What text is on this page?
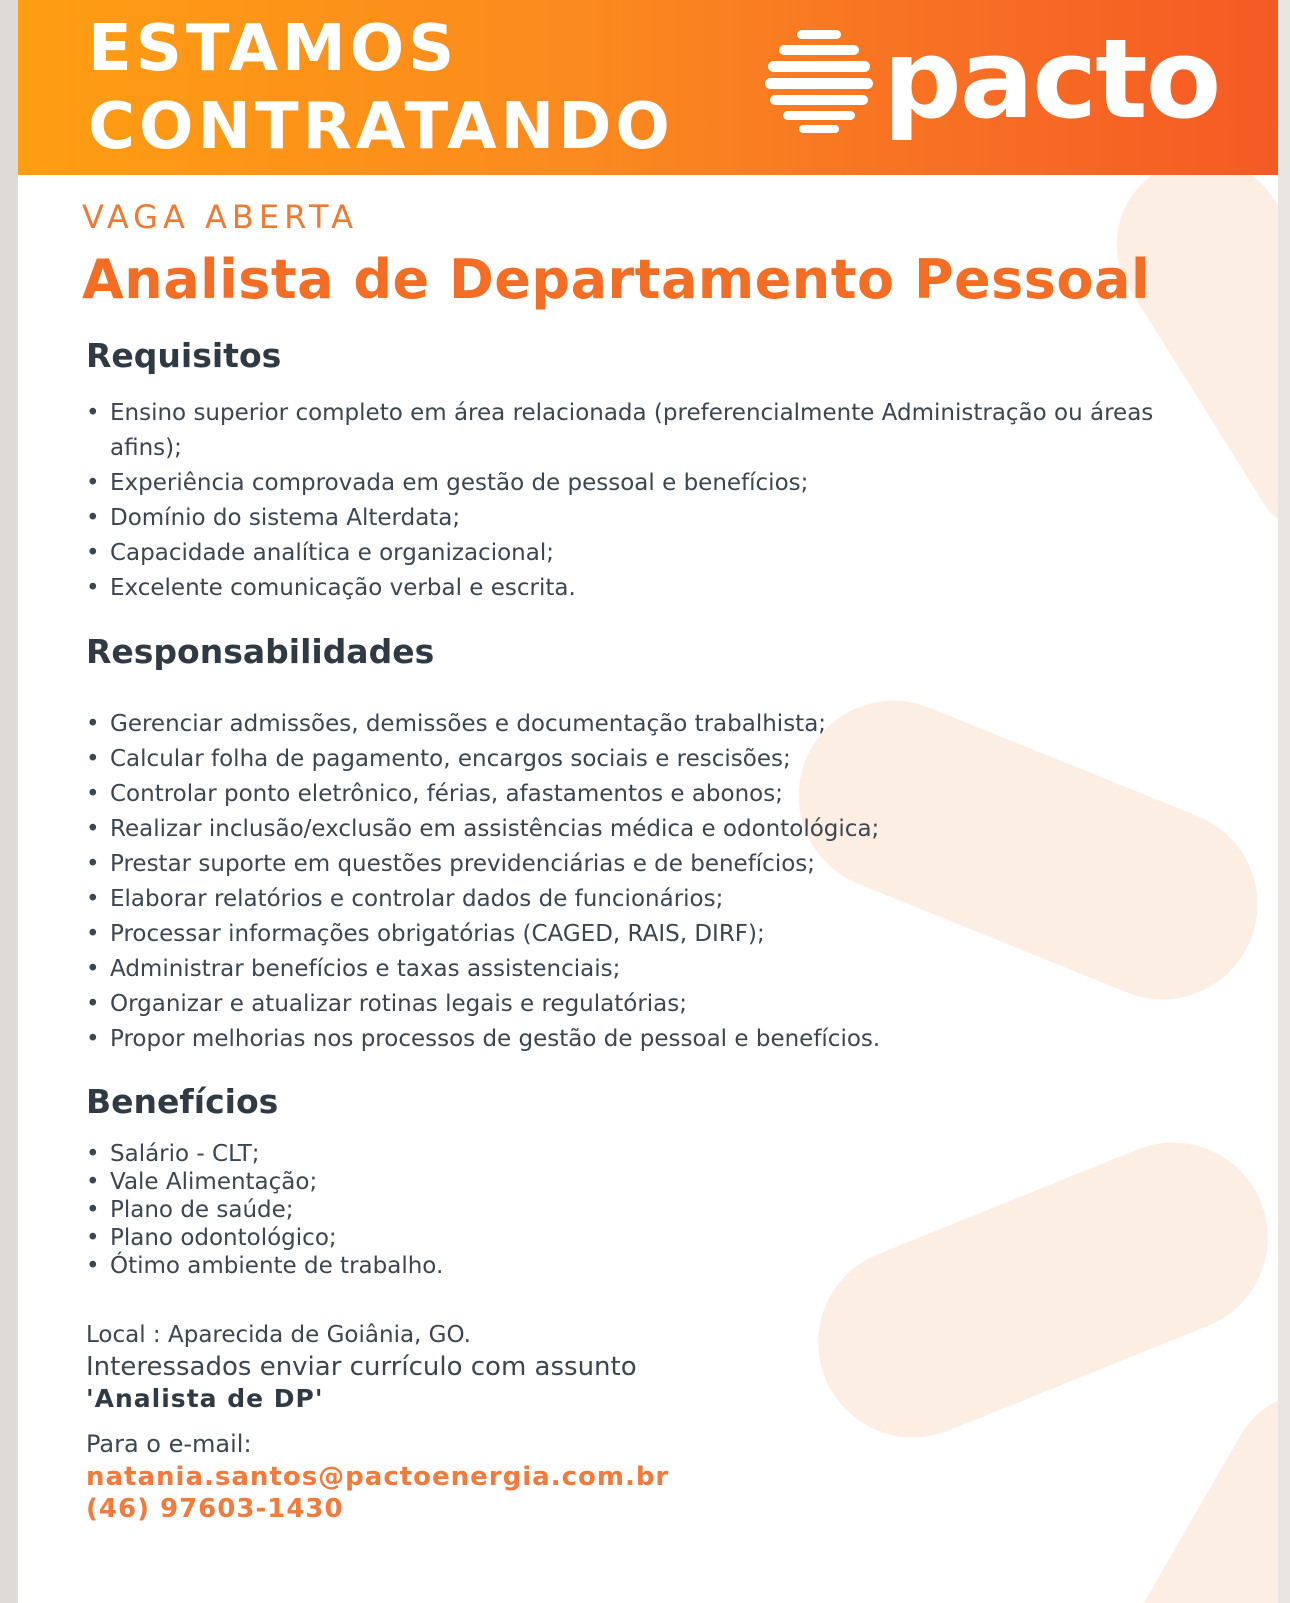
ESTAMOS
CONTRATANDO pacto
VAGA ABERTA
Analista de Departamento Pessoal
Requisitos
• Ensino superior completo em área relacionada (preferencialmente Administração ou áreas afins);
• Experiência comprovada em gestão de pessoal e benefícios;
• Domínio do sistema Alterdata;
• Capacidade analítica e organizacional;
• Excelente comunicação verbal e escrita.
Responsabilidades
• Gerenciar admissões, demissões e documentação trabalhista;
• Calcular folha de pagamento, encargos sociais e rescisões;
• Controlar ponto eletrônico, férias, afastamentos e abonos;
• Realizar inclusão/exclusão em assistências médica e odontológica;
• Prestar suporte em questões previdenciárias e de benefícios;
• Elaborar relatórios e controlar dados de funcionários;
• Processar informações obrigatórias (CAGED, RAIS, DIRF);
• Administrar benefícios e taxas assistenciais;
• Organizar e atualizar rotinas legais e regulatórias;
• Propor melhorias nos processos de gestão de pessoal e benefícios.
Benefícios
• Salário - CLT;
• Vale Alimentação;
• Plano de saúde;
• Plano odontológico;
• Ótimo ambiente de trabalho.
Local : Aparecida de Goiânia, GO.
Interessados enviar currículo com assunto
'Analista de DP'
Para o e-mail:
natania.santos@pactoenergia.com.br
(46) 97603-1430
